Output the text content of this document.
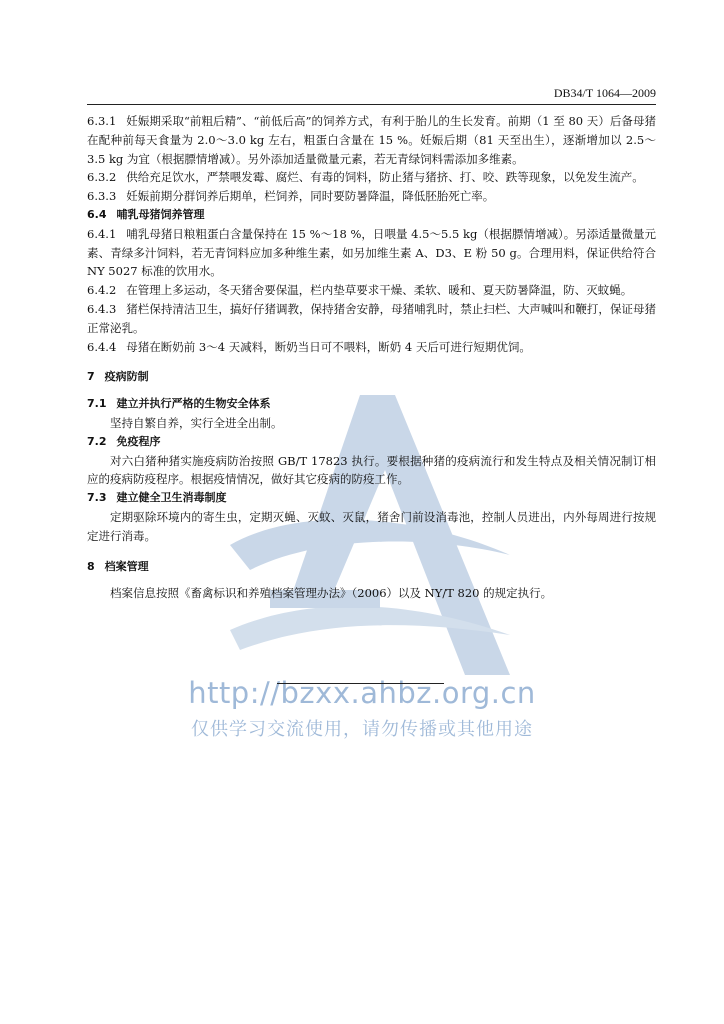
http://bzxx.ahbz.org.cn
仅供学习交流使用，请勿传播或其他用途
DB34/T 1064—2009

6.3.1 妊娠期采取“前粗后精”、“前低后高”的饲养方式，有利于胎儿的生长发育。前期（1 至 80 天）后备母猪在配种前每天食量为 2.0～3.0 kg 左右，粗蛋白含量在 15 %。妊娠后期（81 天至出生），逐渐增加以 2.5～3.5 kg 为宜（根据膘情增减）。另外添加适量微量元素，若无青绿饲料需添加多维素。

6.3.2 供给充足饮水，严禁喂发霉、腐烂、有毒的饲料，防止猪与猪挤、打、咬、跌等现象，以免发生流产。

6.3.3 妊娠前期分群饲养后期单，栏饲养，同时要防暑降温，降低胚胎死亡率。

6.4 哺乳母猪饲养管理

6.4.1 哺乳母猪日粮粗蛋白含量保持在 15 %～18 %，日喂量 4.5～5.5 kg（根据膘情增减）。另添适量微量元素、青绿多汁饲料，若无青饲料应加多种维生素，如另加维生素 A、D3、E 粉 50 g。合理用料，保证供给符合 NY 5027 标准的饮用水。

6.4.2 在管理上多运动，冬天猪舍要保温，栏内垫草要求干燥、柔软、暖和、夏天防暑降温，防、灭蚊蝇。

6.4.3 猪栏保持清洁卫生，搞好仔猪调教，保持猪舍安静，母猪哺乳时，禁止扫栏、大声喊叫和鞭打，保证母猪正常泌乳。

6.4.4 母猪在断奶前 3～4 天减料，断奶当日可不喂料，断奶 4 天后可进行短期优饲。

7 疫病防制

7.1 建立并执行严格的生物安全体系

坚持自繁自养，实行全进全出制。

7.2 免疫程序

对六白猪种猪实施疫病防治按照 GB/T 17823 执行。要根据种猪的疫病流行和发生特点及相关情况制订相应的疫病防疫程序。根据疫情情况，做好其它疫病的防疫工作。

7.3 建立健全卫生消毒制度

定期驱除环境内的寄生虫，定期灭蝇、灭蚊、灭鼠，猪舍门前设消毒池，控制人员进出，内外每周进行按规定进行消毒。

8 档案管理

档案信息按照《畜禽标识和养殖档案管理办法》（2006）以及 NY/T 820 的规定执行。
